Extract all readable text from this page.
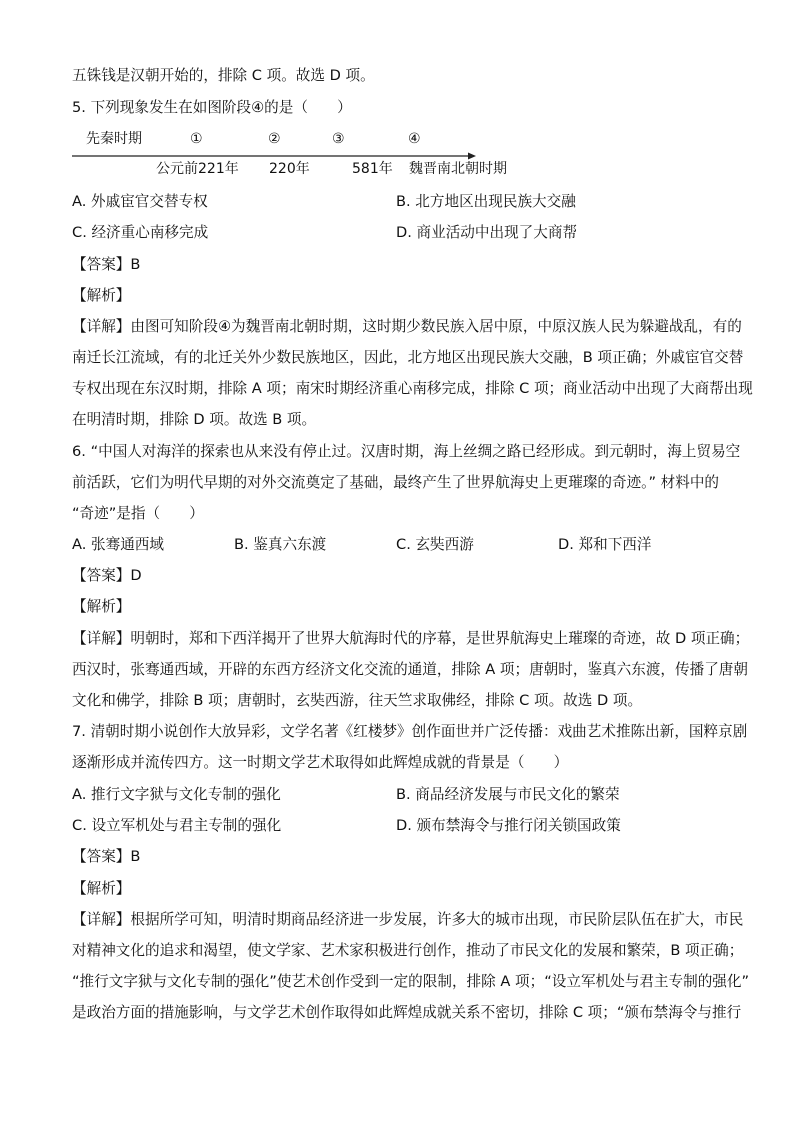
五铢钱是汉朝开始的，排除 C 项。故选 D 项。
5. 下列现象发生在如图阶段④的是（　　）
先秦时期	①	②	③	④
公元前221年 220年	581年 魏晋南北朝时期
A. 外戚宦官交替专权	B. 北方地区出现民族大交融
C. 经济重心南移完成	D. 商业活动中出现了大商帮
【答案】B
【解析】
【详解】由图可知阶段④为魏晋南北朝时期，这时期少数民族入居中原，中原汉族人民为躲避战乱，有的
南迁长江流域，有的北迁关外少数民族地区，因此，北方地区出现民族大交融，B 项正确；外戚宦官交替
专权出现在东汉时期，排除 A 项；南宋时期经济重心南移完成，排除 C 项；商业活动中出现了大商帮出现
在明清时期，排除 D 项。故选 B 项。
6. “中国人对海洋的探索也从来没有停止过。汉唐时期，海上丝绸之路已经形成。到元朝时，海上贸易空
前活跃，它们为明代早期的对外交流奠定了基础，最终产生了世界航海史上更璀璨的奇迹。” 材料中的
“奇迹”是指（　　）
A. 张骞通西域	B. 鉴真六东渡	C. 玄奘西游	D. 郑和下西洋
【答案】D
【解析】
【详解】明朝时，郑和下西洋揭开了世界大航海时代的序幕，是世界航海史上璀璨的奇迹，故 D 项正确；
西汉时，张骞通西域，开辟的东西方经济文化交流的通道，排除 A 项；唐朝时，鉴真六东渡，传播了唐朝
文化和佛学，排除 B 项；唐朝时，玄奘西游，往天竺求取佛经，排除 C 项。故选 D 项。
7. 清朝时期小说创作大放异彩，文学名著《红楼梦》创作面世并广泛传播：戏曲艺术推陈出新，国粹京剧
逐渐形成并流传四方。这一时期文学艺术取得如此辉煌成就的背景是（　　）
A. 推行文字狱与文化专制的强化	B. 商品经济发展与市民文化的繁荣
C. 设立军机处与君主专制的强化	D. 颁布禁海令与推行闭关锁国政策
【答案】B
【解析】
【详解】根据所学可知，明清时期商品经济进一步发展，许多大的城市出现，市民阶层队伍在扩大，市民
对精神文化的追求和渴望，使文学家、艺术家积极进行创作，推动了市民文化的发展和繁荣，B 项正确；
“推行文字狱与文化专制的强化”使艺术创作受到一定的限制，排除 A 项；“设立军机处与君主专制的强化”
是政治方面的措施影响，与文学艺术创作取得如此辉煌成就关系不密切，排除 C 项；“颁布禁海令与推行
